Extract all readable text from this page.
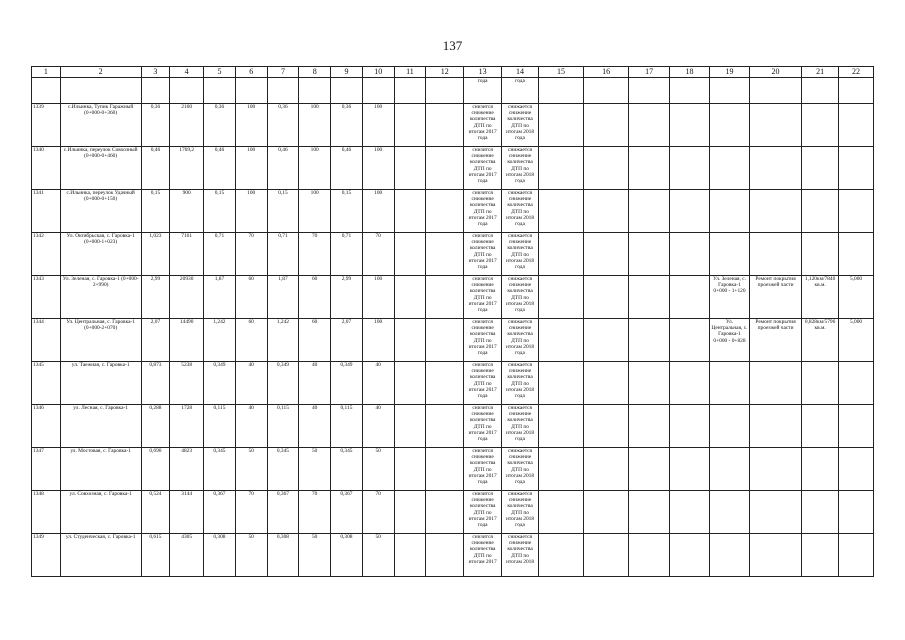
137
1	2	3	4	5	6	7	8	9	10	11	12	13	14	15	16	17	18	19	20	21	22
												года	года								
1339	с.Ильинка, Тупик Гаражный (0+000-0+360)	0,36	2160	0,36	100	0,36	100	0,36	100			снизится снижение количества ДТП по итогам 2017 года	снижается снижение количества ДТП по итогам 2018 года								
1340	с.Ильинка, переулок Совхозный (0+000-0+460)	0,46	1769,2	0,46	100	0,46	100	0,46	100			снизится снижение количества ДТП по итогам 2017 года	снижается снижение количества ДТП по итогам 2018 года								
1341	с.Ильинка, переулок Удачный (0+000-0+150)	0,15	900	0,15	100	0,15	100	0,15	100			снизится снижение количества ДТП по итогам 2017 года	снижается снижение количества ДТП по итогам 2018 года								
1342	Ул. Октябрьская, с. Гаровка-1 (0+000-1+023)	1,023	7161	0,71	70	0,71	70	0,71	70			снизится снижение количества ДТП по итогам 2017 года	снижается снижение количества ДТП по итогам 2018 года								
1343	Ул. Зеленая, с. Гаровка-1 (0+000-2+990)	2,99	20930	1,87	60	1,87	60	2,99	100			снизится снижение количества ДТП по итогам 2017 года	снижается снижение количества ДТП по итогам 2018 года					Ул. Зеленая, с. Гаровка-1 0+000 - 1+120	Ремонт покрытия проезжей части	1,120км/7840 кв.м.	5,000
1344	Ул. Центральная, с. Гаровка-1 (0+000-2+070)	2,07	14490	1,242	60	1,242	60	2,07	100			снизится снижение количества ДТП по итогам 2017 года	снижается снижение количества ДТП по итогам 2018 года					Ул. Центральная, с. Гаровка-1 0+000 - 0+828	Ремонт покрытия проезжей части	0,828км/5796 кв.м.	5,000
1345	ул. Таежная, с. Гаровка-1	0,873	5238	0,349	40	0,349	40	0,349	40			снизится снижение количества ДТП по итогам 2017 года	снижается снижение количества ДТП по итогам 2018 года								
1346	ул. Лесная, с. Гаровка-1	0,288	1728	0,115	40	0,115	40	0,115	40			снизится снижение количества ДТП по итогам 2017 года	снижается снижение количества ДТП по итогам 2018 года								
1347	ул. Мостовая, с. Гаровка-1	0,690	4823	0,345	50	0,345	50	0,345	50			снизится снижение количества ДТП по итогам 2017 года	снижается снижение количества ДТП по итогам 2018 года								
1348	ул. Совхозная, с. Гаровка-1	0,524	3144	0,367	70	0,367	70	0,367	70			снизится снижение количества ДТП по итогам 2017 года	снижается снижение количества ДТП по итогам 2018 года								
1349	ул. Студенческая, с. Гаровка-1	0,615	4305	0,308	50	0,308	50	0,308	50			снизится снижение количества ДТП по итогам 2017	снижается снижение количества ДТП по итогам 2018								
